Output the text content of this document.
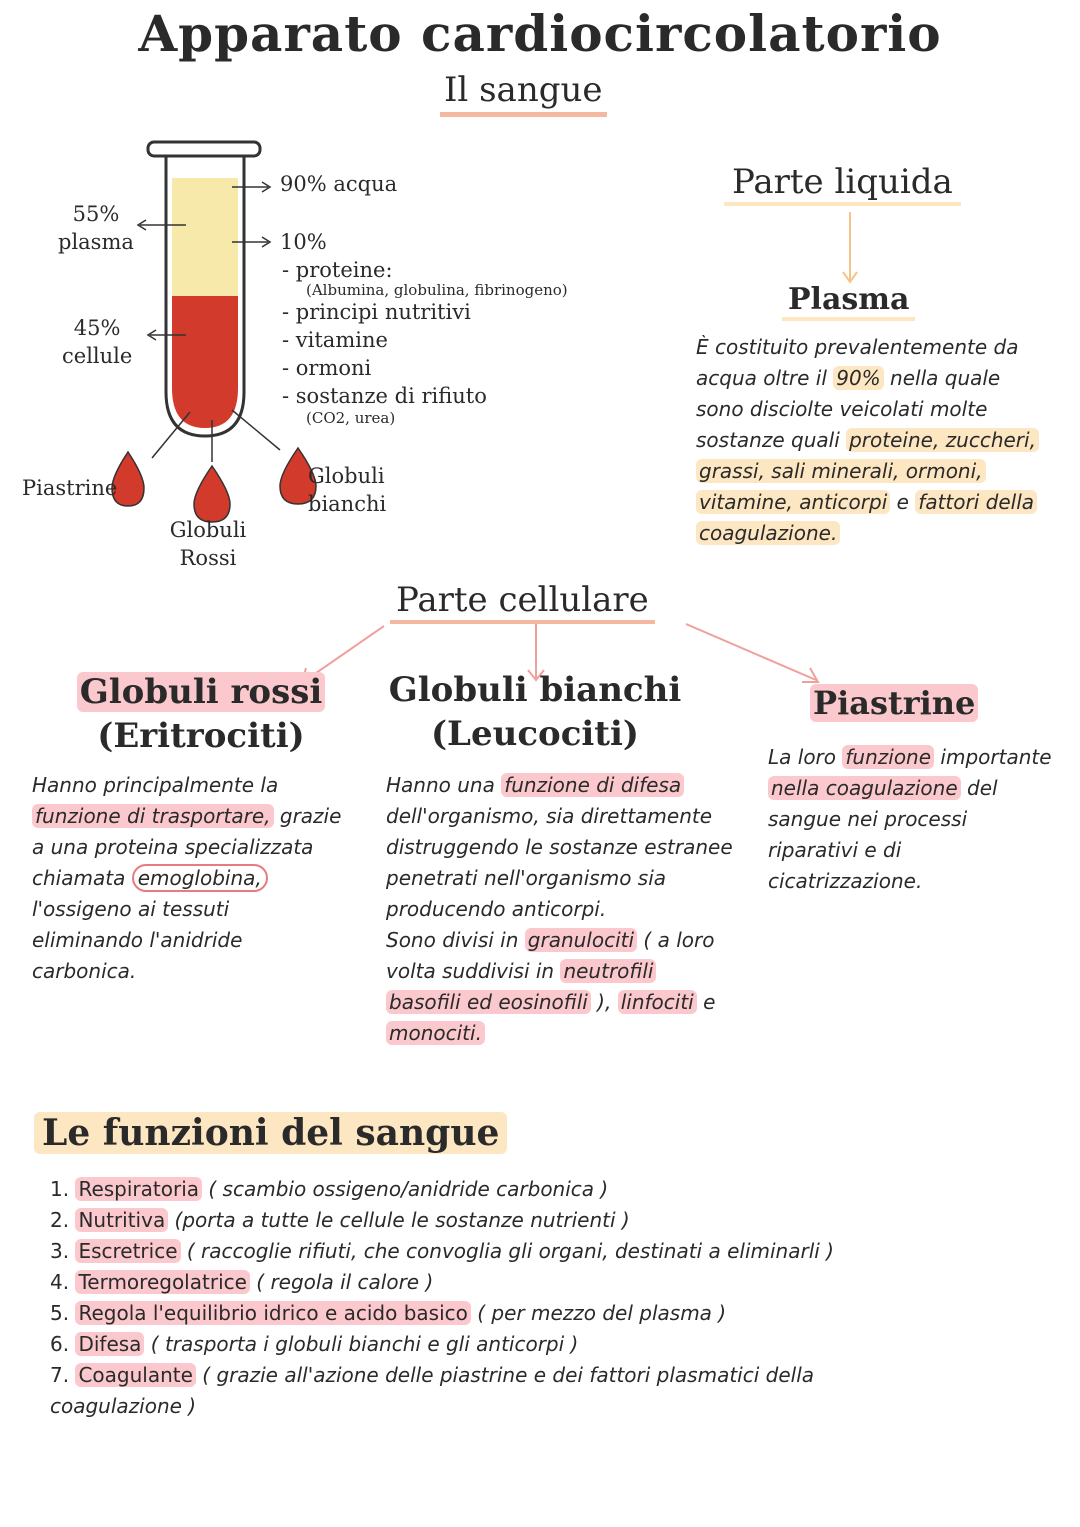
Apparato cardiocircolatorio
Il sangue
55%
plasma
45%
cellule
90% acqua
10%
- proteine:
(Albumina, globulina, fibrinogeno)
- principi nutritivi
- vitamine
- ormoni
- sostanze di rifiuto
(CO2, urea)
Piastrine
Globuli
Rossi
Globuli
bianchi
Parte liquida
Plasma
È costituito prevalentemente da
acqua oltre il 90% nella quale
sono disciolte veicolati molte
sostanze quali proteine, zuccheri,
grassi, sali minerali, ormoni,
vitamine, anticorpi e fattori della
coagulazione.
Parte cellulare
Globuli rossi
(Eritrociti)
Hanno principalmente la
funzione di trasportare, grazie
a una proteina specializzata
chiamata emoglobina,
l'ossigeno ai tessuti
eliminando l'anidride
carbonica.
Globuli bianchi
(Leucociti)
Hanno una funzione di difesa
dell'organismo, sia direttamente
distruggendo le sostanze estranee
penetrati nell'organismo sia
producendo anticorpi.
Sono divisi in granulociti ( a loro
volta suddivisi in neutrofili
basofili ed eosinofili ), linfociti e
monociti.
Piastrine
La loro funzione importante
nella coagulazione del
sangue nei processi
riparativi e di
cicatrizzazione.
Le funzioni del sangue
1. Respiratoria ( scambio ossigeno/anidride carbonica )
2. Nutritiva (porta a tutte le cellule le sostanze nutrienti )
3. Escretrice ( raccoglie rifiuti, che convoglia gli organi, destinati a eliminarli )
4. Termoregolatrice ( regola il calore )
5. Regola l'equilibrio idrico e acido basico ( per mezzo del plasma )
6. Difesa ( trasporta i globuli bianchi e gli anticorpi )
7. Coagulante ( grazie all'azione delle piastrine e dei fattori plasmatici della
coagulazione )
